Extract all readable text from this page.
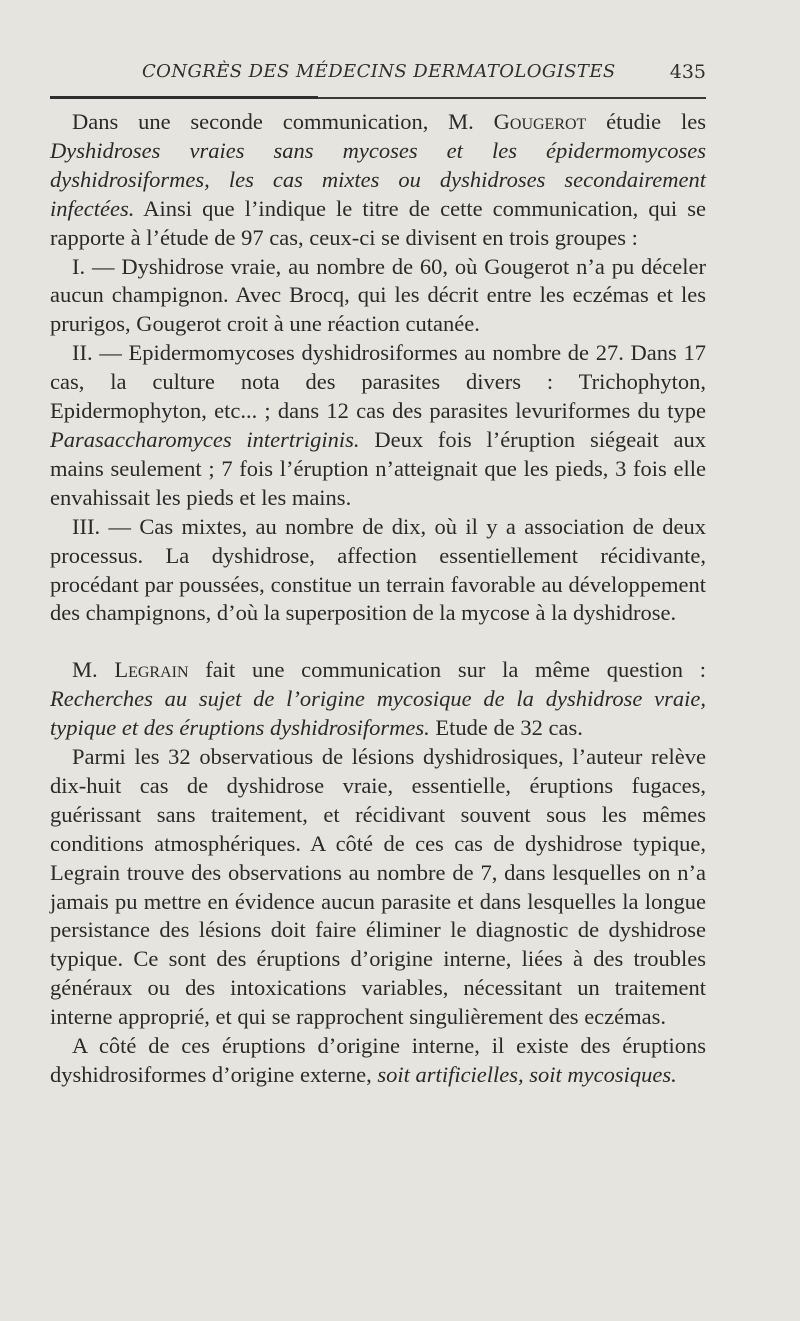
CONGRÈS DES MÉDECINS DERMATOLOGISTES	435

Dans une seconde communication, M. Gougerot étudie les Dyshidroses vraies sans mycoses et les épidermomycoses dyshidrosiformes, les cas mixtes ou dyshidroses secondairement infectées. Ainsi que l’indique le titre de cette communication, qui se rapporte à l’étude de 97 cas, ceux-ci se divisent en trois groupes :

I. — Dyshidrose vraie, au nombre de 60, où Gougerot n’a pu déceler aucun champignon. Avec Brocq, qui les décrit entre les eczémas et les prurigos, Gougerot croit à une réaction cutanée.

II. — Epidermomycoses dyshidrosiformes au nombre de 27. Dans 17 cas, la culture nota des parasites divers : Trichophyton, Epidermophyton, etc... ; dans 12 cas des parasites levuriformes du type Parasaccharomyces intertriginis. Deux fois l’éruption siégeait aux mains seulement ; 7 fois l’éruption n’atteignait que les pieds, 3 fois elle envahissait les pieds et les mains.

III. — Cas mixtes, au nombre de dix, où il y a association de deux processus. La dyshidrose, affection essentiellement récidivante, procédant par poussées, constitue un terrain favorable au développement des champignons, d’où la superposition de la mycose à la dyshidrose.

M. Legrain fait une communication sur la même question : Recherches au sujet de l’origine mycosique de la dyshidrose vraie, typique et des éruptions dyshidrosiformes. Etude de 32 cas.

Parmi les 32 observatious de lésions dyshidrosiques, l’auteur relève dix-huit cas de dyshidrose vraie, essentielle, éruptions fugaces, guérissant sans traitement, et récidivant souvent sous les mêmes conditions atmosphériques. A côté de ces cas de dyshidrose typique, Legrain trouve des observations au nombre de 7, dans lesquelles on n’a jamais pu mettre en évidence aucun parasite et dans lesquelles la longue persistance des lésions doit faire éliminer le diagnostic de dyshidrose typique. Ce sont des éruptions d’origine interne, liées à des troubles généraux ou des intoxications variables, nécessitant un traitement interne approprié, et qui se rapprochent singulièrement des eczémas.

A côté de ces éruptions d’origine interne, il existe des éruptions dyshidrosiformes d’origine externe, soit artificielles, soit mycosiques.
